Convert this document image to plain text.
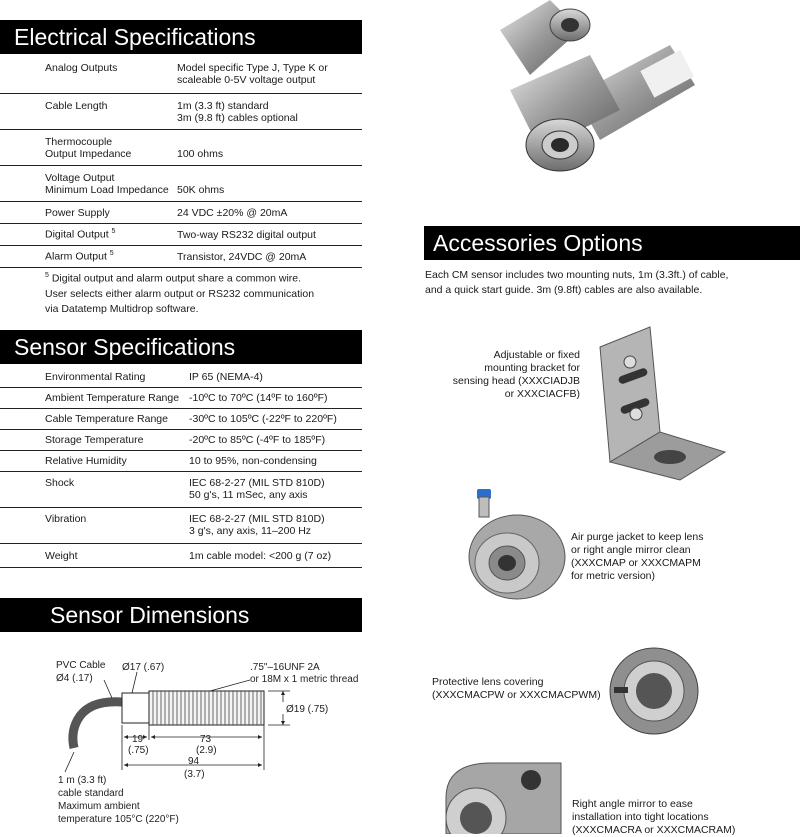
Electrical Specifications
Analog Outputs	Model specific Type J, Type K or
scaleable 0-5V voltage output
Cable Length	1m (3.3 ft) standard
3m (9.8 ft) cables optional
Thermocouple
Output Impedance	100 ohms
Voltage Output
Minimum Load Impedance 50K ohms
Power Supply	24 VDC ±20% @ 20mA
Digital Output $^5$	Two-way RS232 digital output
Alarm Output $^5$	Transistor, 24VDC @ 20mA
$^5$ Digital output and alarm output share a common wire.
User selects either alarm output or RS232 communication
via Datatemp Multidrop software.
Sensor Specifications
Environmental Rating	IP 65 (NEMA-4)
Ambient Temperature Range -10ºC to 70ºC (14ºF to 160ºF)
Cable Temperature Range	-30ºC to 105ºC (-22ºF to 220ºF)
Storage Temperature	-20ºC to 85ºC (-4ºF to 185ºF)
Relative Humidity	10 to 95%, non-condensing
Shock	IEC 68-2-27 (MIL STD 810D)
50 g's, 11 mSec, any axis
Vibration	IEC 68-2-27 (MIL STD 810D)
3 g's, any axis, 11–200 Hz
Weight	1m cable model: <200 g (7 oz)
Sensor Dimensions
PVC Cable
Ø4 (.17)
Ø17 (.67)	.75"–16UNF 2A
or 18M x 1 metric thread
Ø19 (.75)
19
(.75)
73
(2.9)
94
(3.7)
1 m (3.3 ft)
cable standard
Maximum ambient
temperature 105°C (220°F)
Accessories Options
Each CM sensor includes two mounting nuts, 1m (3.3ft.) of cable,
and a quick start guide. 3m (9.8ft) cables are also available.
Adjustable or fixed
mounting bracket for
sensing head (XXXCIADJB
or XXXCIACFB)
Air purge jacket to keep lens
or right angle mirror clean
(XXXCMAP or XXXCMAPM
for metric version)
Protective lens covering
(XXXCMACPW or XXXCMACPWM)
Right angle mirror to ease
installation into tight locations
(XXXCMACRA or XXXCMACRAM)
